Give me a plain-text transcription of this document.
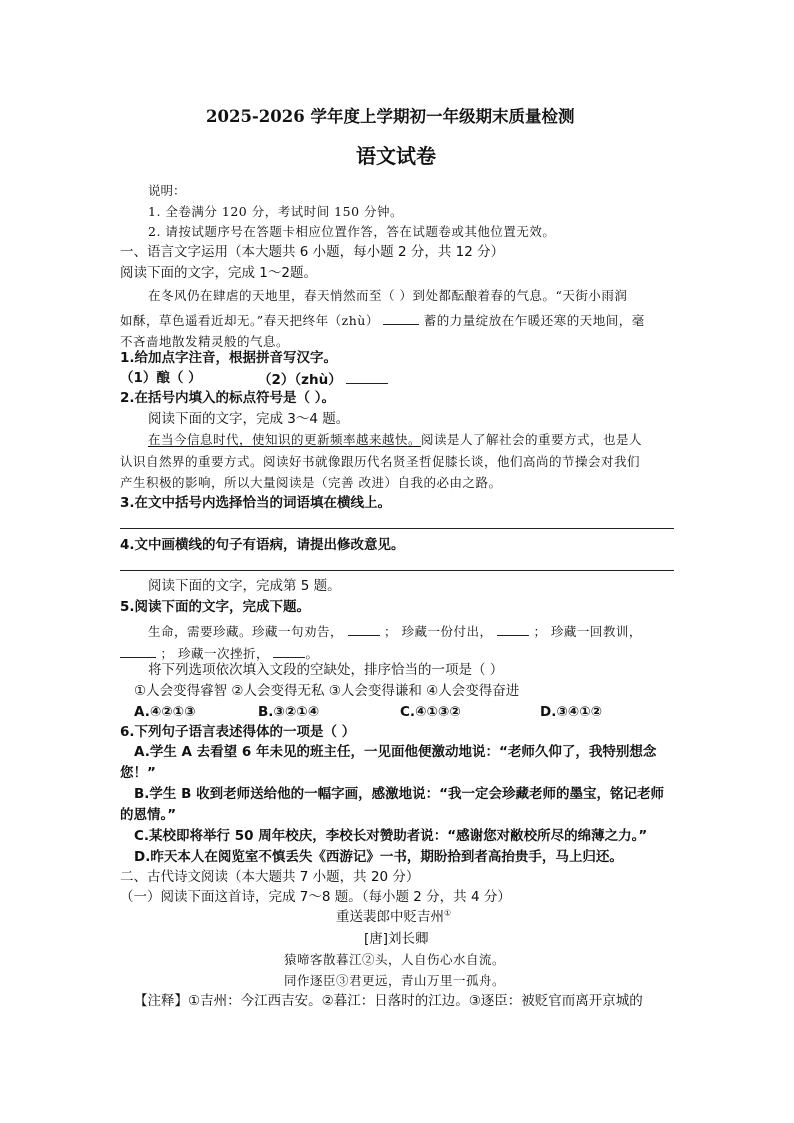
2025-2026 学年度上学期初一年级期末质量检测
语文试卷
说明：
1. 全卷满分 120 分，考试时间 150 分钟。
2. 请按试题序号在答题卡相应位置作答，答在试题卷或其他位置无效。
一、语言文字运用（本大题共 6 小题，每小题 2 分，共 12 分）
阅读下面的文字，完成 1～2题。
在冬风仍在肆虐的天地里，春天悄然而至（ ）到处都酝酿着春的气息。“天街小雨润
如酥，草色遥看近却无。”春天把终年（zhù）	蓄的力量绽放在乍暖还寒的天地间，毫
不吝啬地散发精灵般的气息。
1.给加点字注音，根据拼音写汉字。
（1）酿（ ）	（2）（zhù）
2.在括号内填入的标点符号是（ ）。
阅读下面的文字，完成 3～4 题。
在当今信息时代，使知识的更新频率越来越快。阅读是人了解社会的重要方式，也是人
认识自然界的重要方式。阅读好书就像跟历代名贤圣哲促膝长谈，他们高尚的节操会对我们
产生积极的影响，所以大量阅读是（完善 改进）自我的必由之路。
3.在文中括号内选择恰当的词语填在横线上。
4.文中画横线的句子有语病，请提出修改意见。
阅读下面的文字，完成第 5 题。
5.阅读下面的文字，完成下题。
生命，需要珍藏。珍藏一句劝告，	； 珍藏一份付出，	； 珍藏一回教训，
； 珍藏一次挫折，	。
将下列选项依次填入文段的空缺处，排序恰当的一项是（ ）
①人会变得睿智 ②人会变得无私 ③人会变得谦和 ④人会变得奋进
A.④②①③	B.③②①④	C.④①③②	D.③④①②
6.下列句子语言表述得体的一项是（ ）
A.学生 A 去看望 6 年未见的班主任，一见面他便激动地说：“老师久仰了，我特别想念
您！”
B.学生 B 收到老师送给他的一幅字画，感激地说：“我一定会珍藏老师的墨宝，铭记老师
的恩情。”
C.某校即将举行 50 周年校庆，李校长对赞助者说：“感谢您对敝校所尽的绵薄之力。”
D.昨天本人在阅览室不慎丢失《西游记》一书，期盼拾到者高抬贵手，马上归还。
二、古代诗文阅读（本大题共 7 小题，共 20 分）
（一）阅读下面这首诗，完成 7～8 题。（每小题 2 分，共 4 分）
重送裴郎中贬吉州①
[唐]刘长卿
猿啼客散暮江②头，人自伤心水自流。
同作逐臣③君更远，青山万里一孤舟。
【注释】①吉州：今江西吉安。②暮江：日落时的江边。③逐臣：被贬官而离开京城的
